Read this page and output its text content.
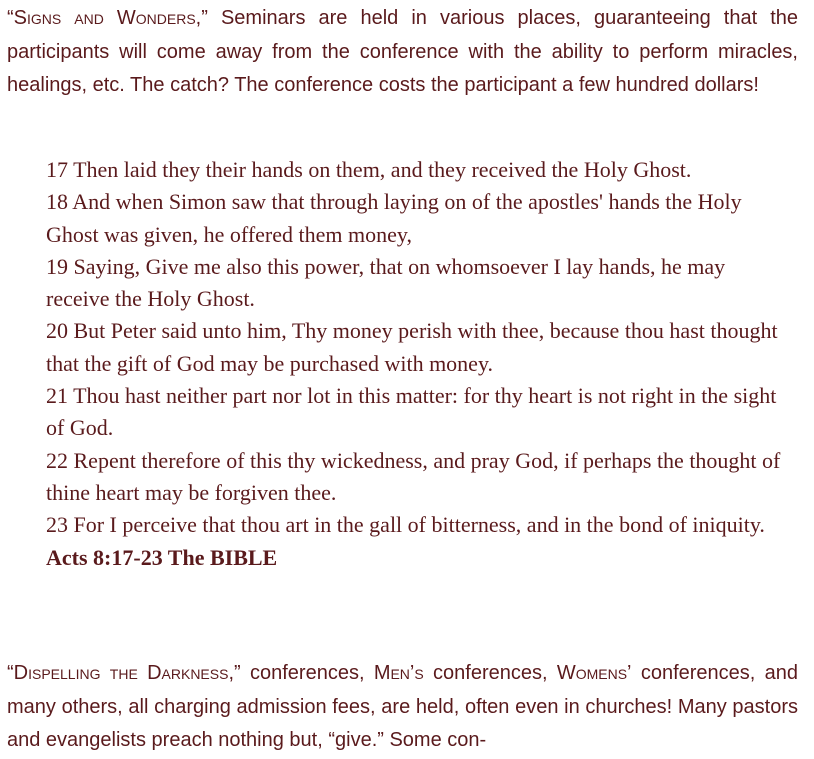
“Signs and Wonders,” Seminars are held in various places, guaranteeing that the participants will come away from the conference with the ability to perform miracles, healings, etc. The catch? The conference costs the participant a few hundred dollars!

17 Then laid they their hands on them, and they received the Holy Ghost.
18 And when Simon saw that through laying on of the apostles' hands the Holy Ghost was given, he offered them money,
19 Saying, Give me also this power, that on whomsoever I lay hands, he may receive the Holy Ghost.
20 But Peter said unto him, Thy money perish with thee, because thou hast thought that the gift of God may be purchased with money.
21 Thou hast neither part nor lot in this matter: for thy heart is not right in the sight of God.
22 Repent therefore of this thy wickedness, and pray God, if perhaps the thought of thine heart may be forgiven thee.
23 For I perceive that thou art in the gall of bitterness, and in the bond of iniquity.
Acts 8:17-23 The BIBLE

“Dispelling the Darkness,” conferences, Men’s conferences, Womens’ conferences, and many others, all charging admission fees, are held, often even in churches! Many pastors and evangelists preach nothing but, “give.” Some con-
